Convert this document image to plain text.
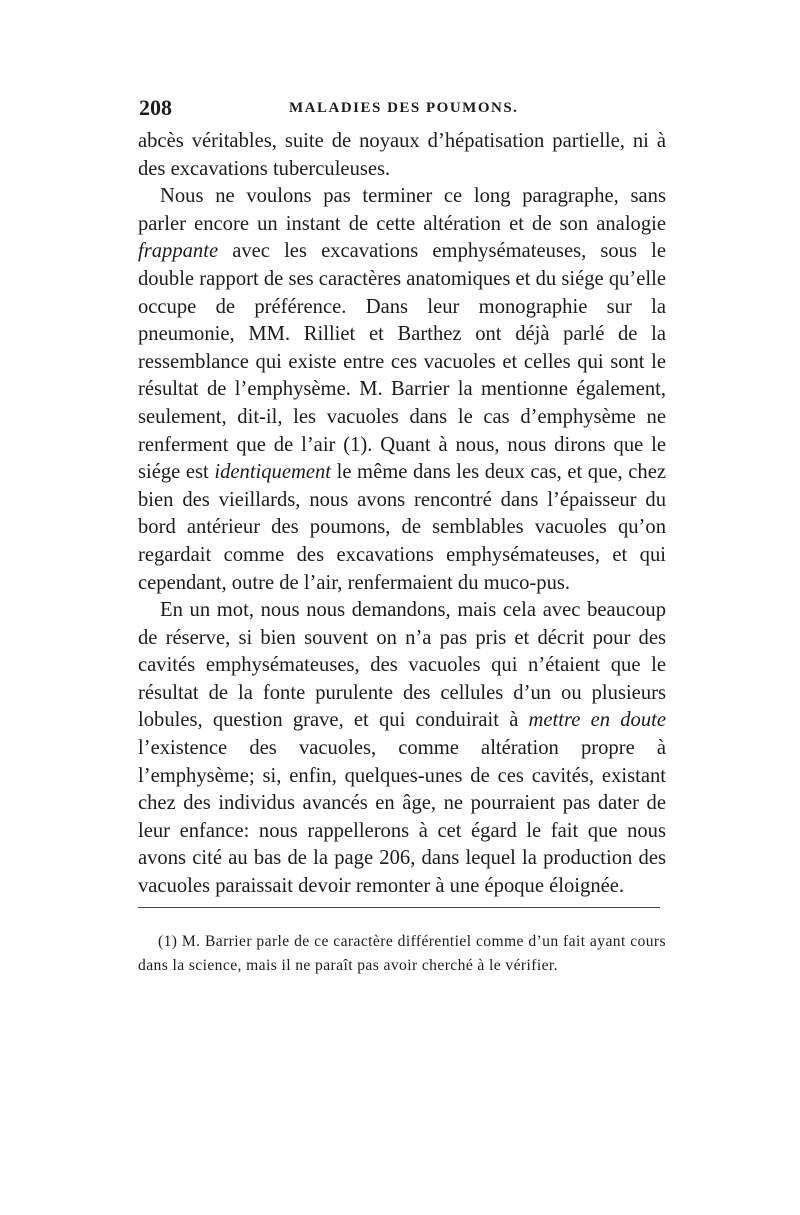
208	MALADIES DES POUMONS.

abcès véritables, suite de noyaux d’hépatisation partielle, ni à des excavations tuberculeuses.

Nous ne voulons pas terminer ce long paragraphe, sans parler encore un instant de cette altération et de son analogie frappante avec les excavations emphysémateuses, sous le double rapport de ses caractères anatomiques et du siége qu’elle occupe de préférence. Dans leur monographie sur la pneumonie, MM. Rilliet et Barthez ont déjà parlé de la ressemblance qui existe entre ces vacuoles et celles qui sont le résultat de l’emphysème. M. Barrier la mentionne également, seulement, dit-il, les vacuoles dans le cas d’emphysème ne renferment que de l’air (1). Quant à nous, nous dirons que le siége est identiquement le même dans les deux cas, et que, chez bien des vieillards, nous avons rencontré dans l’épaisseur du bord antérieur des poumons, de semblables vacuoles qu’on regardait comme des excavations emphysémateuses, et qui cependant, outre de l’air, renfermaient du muco-pus.

En un mot, nous nous demandons, mais cela avec beaucoup de réserve, si bien souvent on n’a pas pris et décrit pour des cavités emphysémateuses, des vacuoles qui n’étaient que le résultat de la fonte purulente des cellules d’un ou plusieurs lobules, question grave, et qui conduirait à mettre en doute l’existence des vacuoles, comme altération propre à l’emphysème; si, enfin, quelques-unes de ces cavités, existant chez des individus avancés en âge, ne pourraient pas dater de leur enfance: nous rappellerons à cet égard le fait que nous avons cité au bas de la page 206, dans lequel la production des vacuoles paraissait devoir remonter à une époque éloignée.

(1) M. Barrier parle de ce caractère différentiel comme d’un fait ayant cours dans la science, mais il ne paraît pas avoir cherché à le vérifier.
